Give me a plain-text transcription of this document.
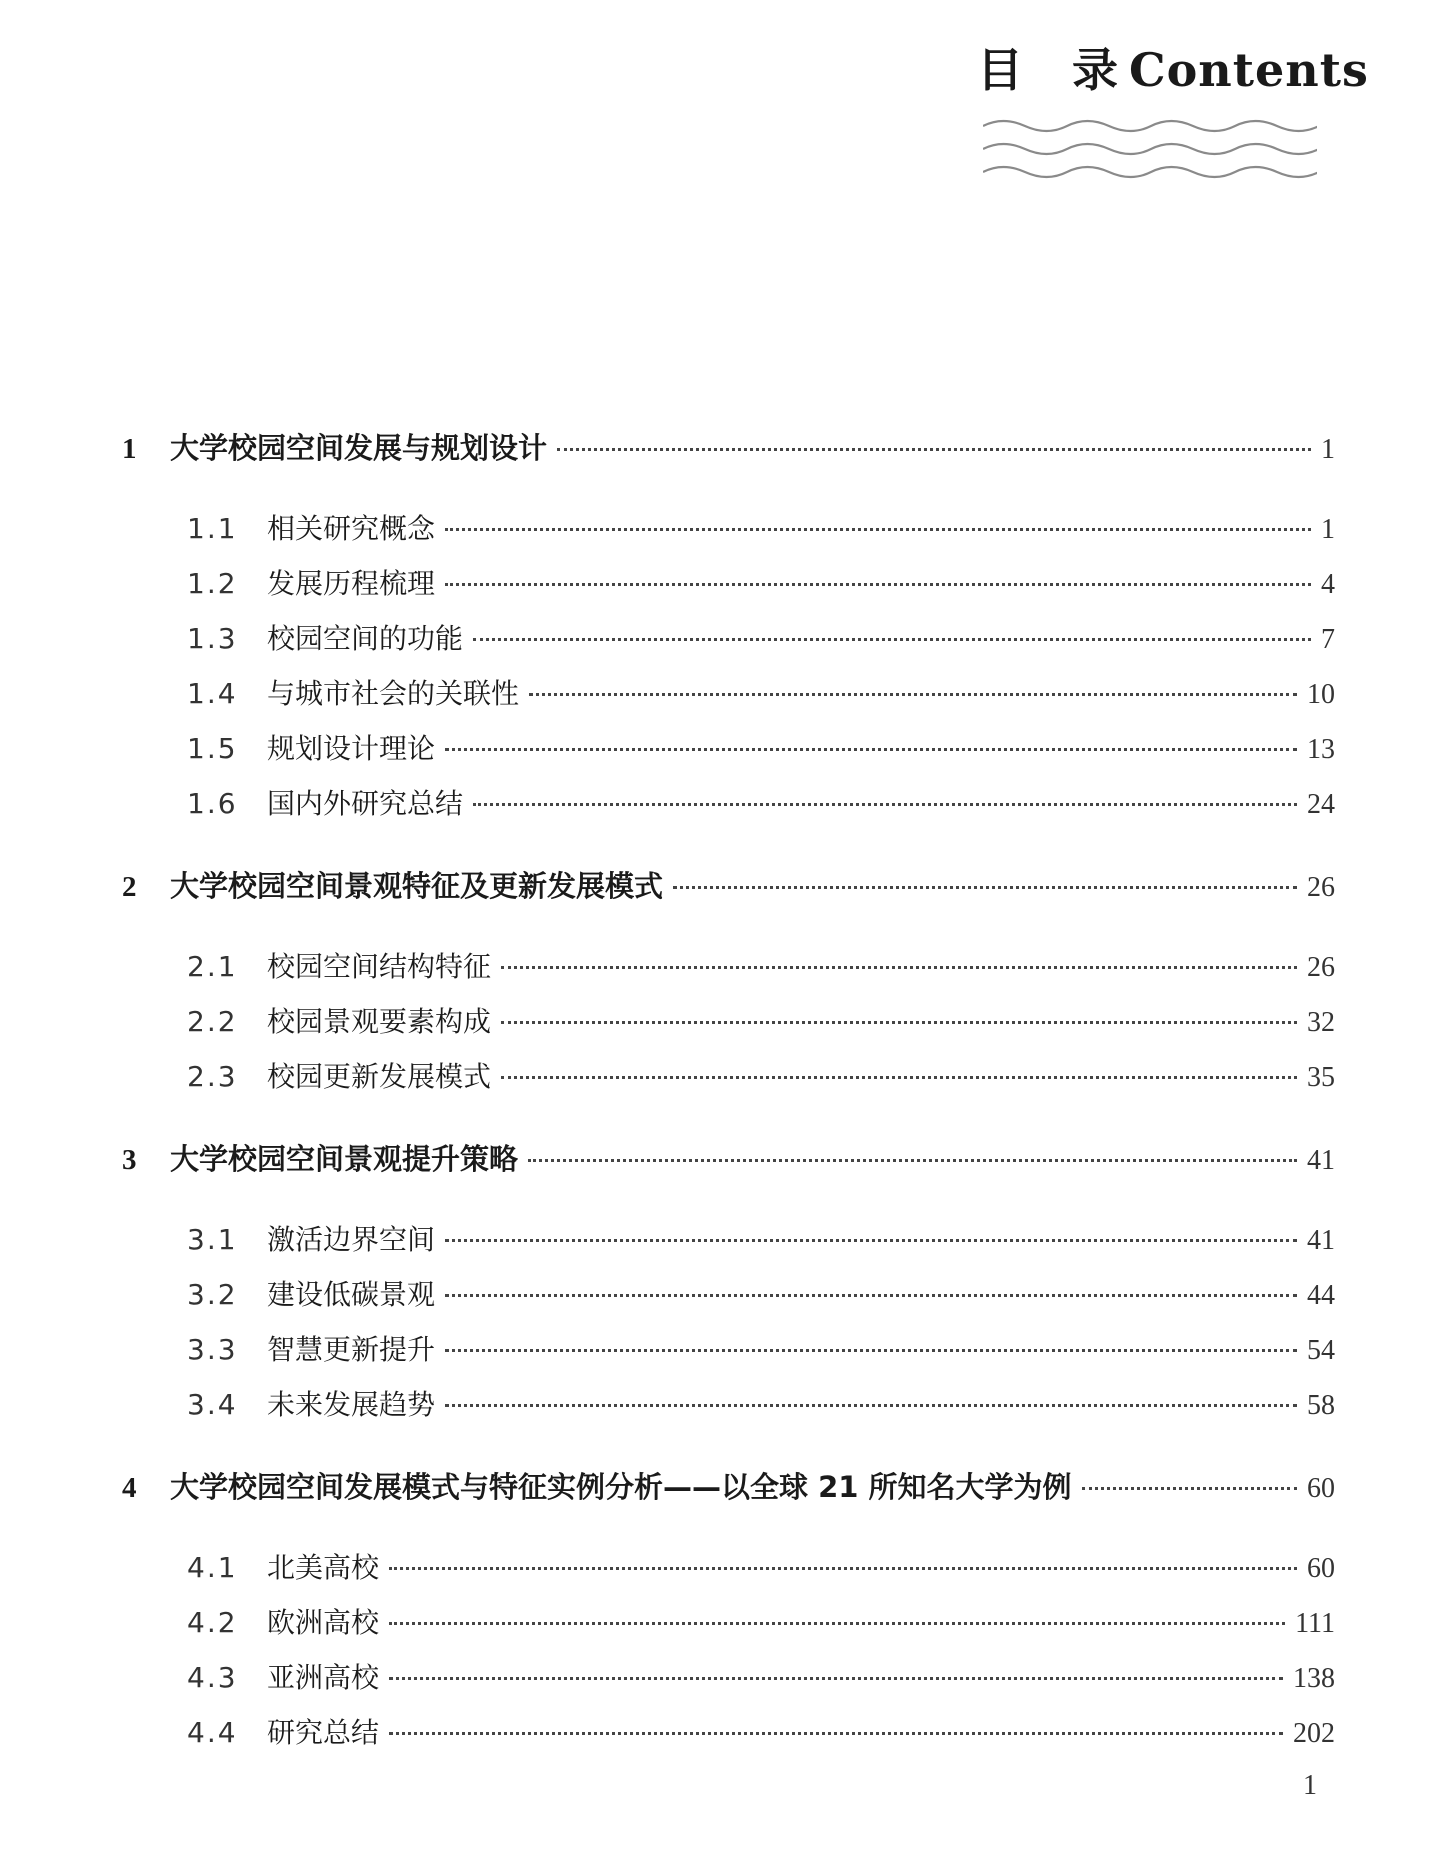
目 录 Contents
1	大学校园空间发展与规划设计	1
1.1	相关研究概念	1
1.2	发展历程梳理	4
1.3	校园空间的功能	7
1.4	与城市社会的关联性	10
1.5	规划设计理论	13
1.6	国内外研究总结	24
2	大学校园空间景观特征及更新发展模式	26
2.1	校园空间结构特征	26
2.2	校园景观要素构成	32
2.3	校园更新发展模式	35
3	大学校园空间景观提升策略	41
3.1	激活边界空间	41
3.2	建设低碳景观	44
3.3	智慧更新提升	54
3.4	未来发展趋势	58
4	大学校园空间发展模式与特征实例分析——以全球 21 所知名大学为例	60
4.1	北美高校	60
4.2	欧洲高校	111
4.3	亚洲高校	138
4.4	研究总结	202
1
